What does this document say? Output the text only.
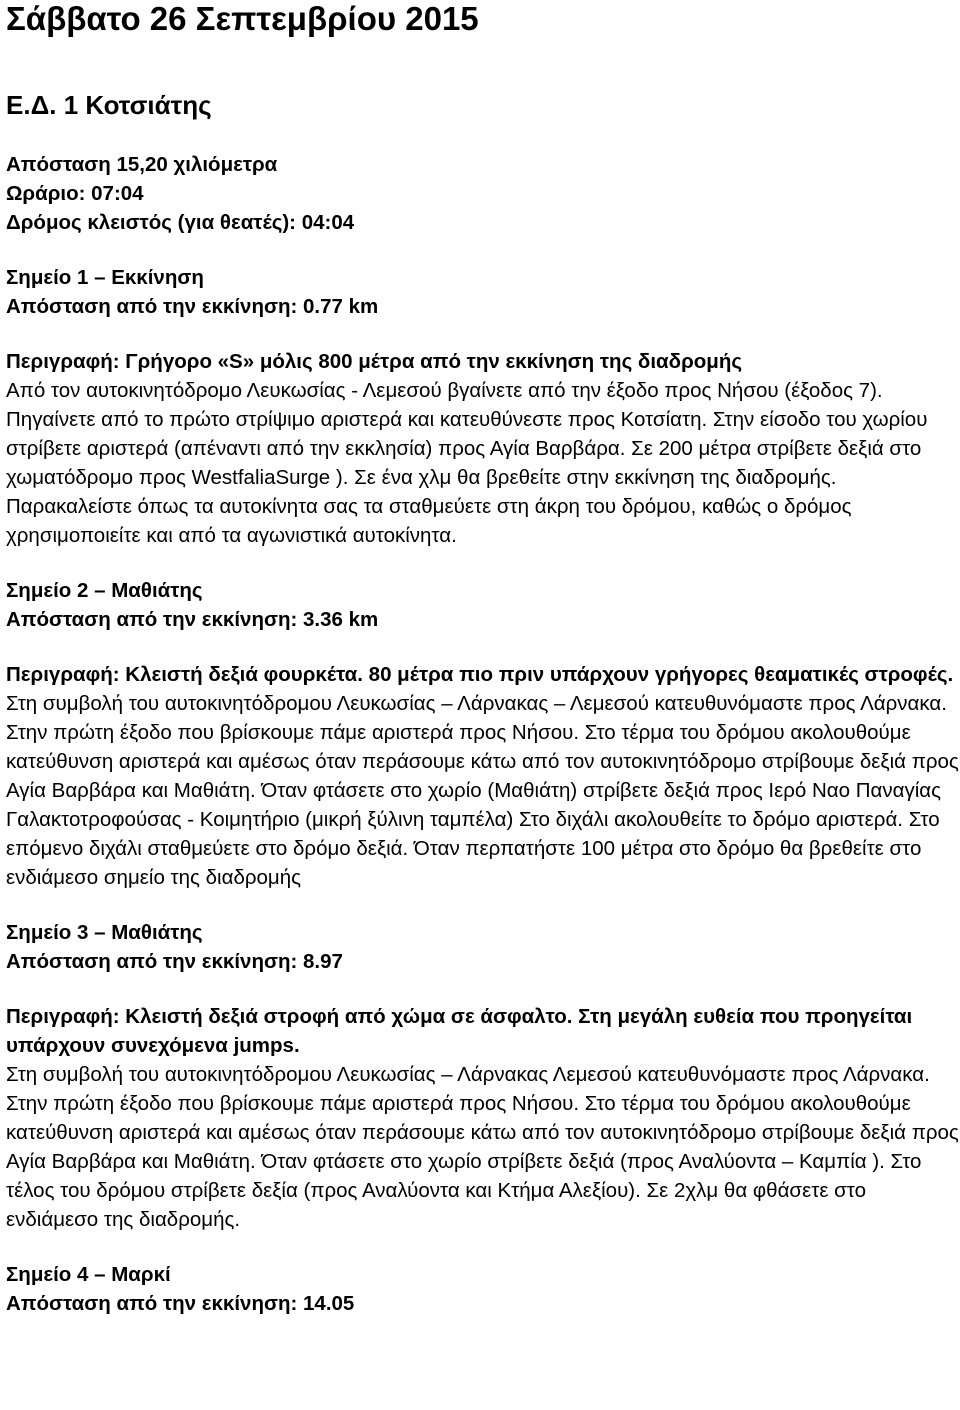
Σάββατο 26 Σεπτεμβρίου 2015
Ε.Δ. 1 Κοτσιάτης
Απόσταση 15,20 χιλιόμετρα
Ωράριο: 07:04
Δρόμος κλειστός (για θεατές): 04:04
Σημείο 1 – Εκκίνηση
Απόσταση από την εκκίνηση: 0.77 km
Περιγραφή: Γρήγορο «S» μόλις 800 μέτρα από την εκκίνηση της διαδρομής
Από τον αυτοκινητόδρομο Λευκωσίας - Λεμεσού βγαίνετε από την έξοδο προς Νήσου (έξοδος 7). Πηγαίνετε από το πρώτο στρίψιμο αριστερά και κατευθύνεστε προς Κοτσίατη. Στην είσοδο του χωρίου στρίβετε αριστερά (απέναντι από την εκκλησία) προς Αγία Βαρβάρα. Σε 200 μέτρα στρίβετε δεξιά στο χωματόδρομο προς WestfaliaSurge ). Σε ένα χλμ θα βρεθείτε στην εκκίνηση της διαδρομής. Παρακαλείστε όπως τα αυτοκίνητα σας τα σταθμεύετε στη άκρη του δρόμου, καθώς ο δρόμος χρησιμοποιείτε και από τα αγωνιστικά αυτοκίνητα.
Σημείο 2 – Μαθιάτης
Απόσταση από την εκκίνηση: 3.36 km
Περιγραφή: Κλειστή δεξιά φουρκέτα. 80 μέτρα πιο πριν υπάρχουν γρήγορες θεαματικές στροφές.
Στη συμβολή του αυτοκινητόδρομου Λευκωσίας – Λάρνακας – Λεμεσού κατευθυνόμαστε προς Λάρνακα. Στην πρώτη έξοδο που βρίσκουμε πάμε αριστερά προς Νήσου. Στο τέρμα του δρόμου ακολουθούμε κατεύθυνση αριστερά και αμέσως όταν περάσουμε κάτω από τον αυτοκινητόδρομο στρίβουμε δεξιά προς Αγία Βαρβάρα και Μαθιάτη. Όταν φτάσετε στο χωρίο (Μαθιάτη) στρίβετε δεξιά προς Ιερό Ναο Παναγίας Γαλακτοτροφούσας - Κοιμητήριο (μικρή ξύλινη ταμπέλα) Στο διχάλι ακολουθείτε το δρόμο αριστερά. Στο επόμενο διχάλι σταθμεύετε στο δρόμο δεξιά. Όταν περπατήστε 100 μέτρα στο δρόμο θα βρεθείτε στο ενδιάμεσο σημείο της διαδρομής
Σημείο 3 – Μαθιάτης
Απόσταση από την εκκίνηση: 8.97
Περιγραφή: Κλειστή δεξιά στροφή από χώμα σε άσφαλτο. Στη μεγάλη ευθεία που προηγείται υπάρχουν συνεχόμενα jumps.
Στη συμβολή του αυτοκινητόδρομου Λευκωσίας – Λάρνακας Λεμεσού κατευθυνόμαστε προς Λάρνακα. Στην πρώτη έξοδο που βρίσκουμε πάμε αριστερά προς Νήσου. Στο τέρμα του δρόμου ακολουθούμε κατεύθυνση αριστερά και αμέσως όταν περάσουμε κάτω από τον αυτοκινητόδρομο στρίβουμε δεξιά προς Αγία Βαρβάρα και Μαθιάτη. Όταν φτάσετε στο χωρίο στρίβετε δεξιά (προς Αναλύοντα – Καμπία ). Στο τέλος του δρόμου στρίβετε δεξία (προς Αναλύοντα και Κτήμα Αλεξίου). Σε 2χλμ θα φθάσετε στο ενδιάμεσο της διαδρομής.
Σημείο 4 – Μαρκί
Απόσταση από την εκκίνηση: 14.05
